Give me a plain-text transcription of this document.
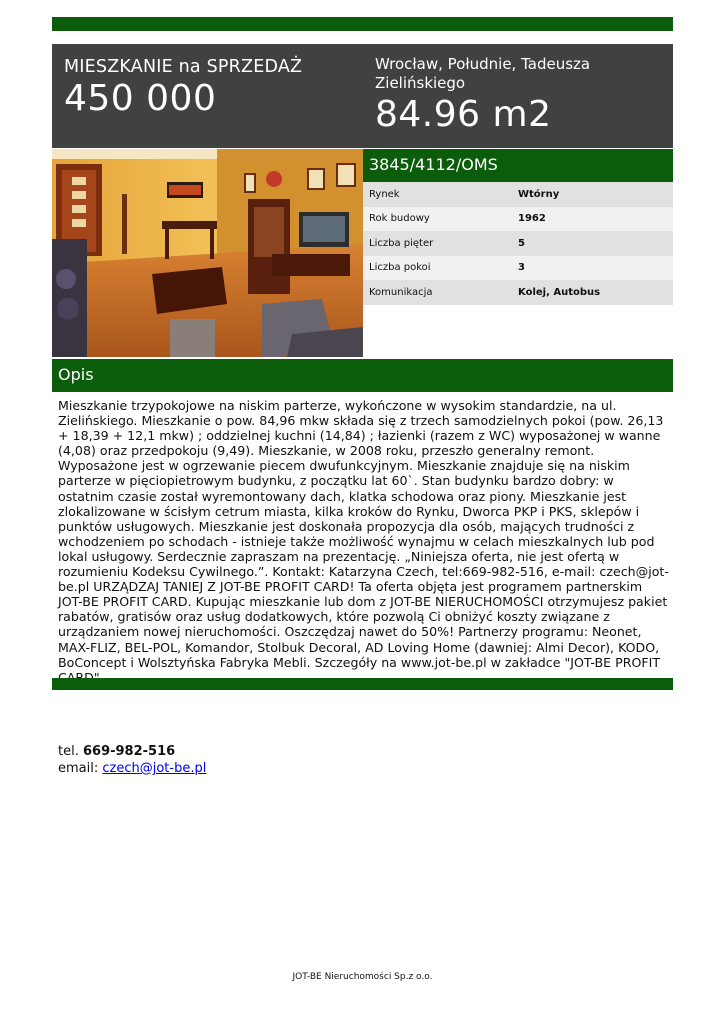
MIESZKANIE na SPRZEDAŻ
450 000
Wrocław, Południe, Tadeusza Zielińskiego
84.96 m2
3845/4112/OMS
Rynek	Wtórny
Rok budowy	1962
Liczba pięter	5
Liczba pokoi	3
Komunikacja	Kolej, Autobus
Opis

Mieszkanie trzypokojowe na niskim parterze, wykończone w wysokim standardzie, na ul. Zielińskiego. Mieszkanie o pow. 84,96 mkw składa się z trzech samodzielnych pokoi (pow. 26,13 + 18,39 + 12,1 mkw) ; oddzielnej kuchni (14,84) ; łazienki (razem z WC) wyposażonej w wanne (4,08) oraz przedpokoju (9,49). Mieszkanie, w 2008 roku, przeszło generalny remont. Wyposażone jest w ogrzewanie piecem dwufunkcyjnym. Mieszkanie znajduje się na niskim parterze w pięciopietrowym budynku, z początku lat 60`. Stan budynku bardzo dobry: w ostatnim czasie został wyremontowany dach, klatka schodowa oraz piony. Mieszkanie jest zlokalizowane w ścisłym cetrum miasta, kilka kroków do Rynku, Dworca PKP i PKS, sklepów i punktów usługowych. Mieszkanie jest doskonała propozycja dla osób, mających trudności z wchodzeniem po schodach - istnieje także możliwość wynajmu w celach mieszkalnych lub pod lokal usługowy. Serdecznie zapraszam na prezentację. „Niniejsza oferta, nie jest ofertą w rozumieniu Kodeksu Cywilnego.”. Kontakt: Katarzyna Czech, tel:669-982-516, e-mail: czech@jot-be.pl URZĄDZAJ TANIEJ Z JOT-BE PROFIT CARD! Ta oferta objęta jest programem partnerskim JOT-BE PROFIT CARD. Kupując mieszkanie lub dom z JOT-BE NIERUCHOMOŚCI otrzymujesz pakiet rabatów, gratisów oraz usług dodatkowych, które pozwolą Ci obniżyć koszty związane z urządzaniem nowej nieruchomości. Oszczędzaj nawet do 50%! Partnerzy programu: Neonet, MAX-FLIZ, BEL-POL, Komandor, Stolbuk Decoral, AD Loving Home (dawniej: Almi Decor), KODO, BoConcept i Wolsztyńska Fabryka Mebli. Szczegóły na www.jot-be.pl w zakładce "JOT-BE PROFIT

tel. 669-982-516
email: czech@jot-be.pl
JOT-BE Nieruchomości Sp.z o.o.
